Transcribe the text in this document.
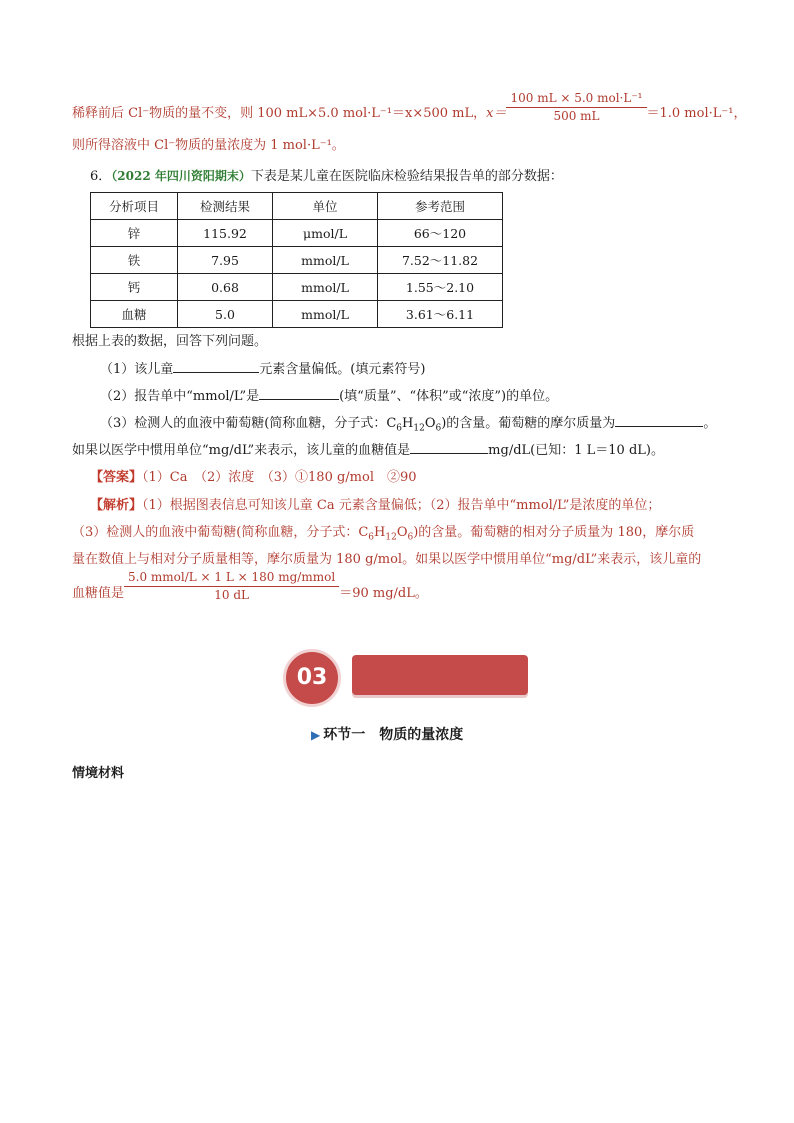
稀释前后 Cl⁻物质的量不变，则 100 mL×5.0 mol·L⁻¹＝x×500 mL，$x= \frac{\text{100 mL × 5.0 mol·L⁻¹}}{500 mL} =1.0$ mol·L⁻¹，
则所得溶液中 Cl⁻物质的量浓度为 1 mol·L⁻¹。
6．（2022 年四川资阳期末）下表是某儿童在医院临床检验结果报告单的部分数据：
分析项目	检测结果	单位	参考范围
锌	115.92	μmol/L	66～120
铁	7.95	mmol/L	7.52～11.82
钙	0.68	mmol/L	1.55～2.10
血糖	5.0	mmol/L	3.61～6.11
根据上表的数据，回答下列问题。
（1）该儿童	元素含量偏低。(填元素符号)
（2）报告单中“mmol/L”是	(填“质量”、“体积”或“浓度”)的单位。
（3）检测人的血液中葡萄糖(简称血糖，分子式：$C_6H_{12}O_6$)的含量。葡萄糖的摩尔质量为	。
如果以医学中惯用单位“mg/dL”来表示，该儿童的血糖值是	mg/dL(已知：1 L＝10 dL)。
【答案】（1）Ca　（2）浓度　（3）①180 g/mol　②90
【解析】（1）根据图表信息可知该儿童 Ca 元素含量偏低；（2）报告单中“mmol/L”是浓度的单位；
（3）检测人的血液中葡萄糖(简称血糖，分子式：$C_6H_{12}O_6$)的含量。葡萄糖的相对分子质量为 180，摩尔质
量在数值上与相对分子质量相等，摩尔质量为 180 g/mol。如果以医学中惯用单位“mg/dL”来表示，该儿童的
血糖值是 $\frac{\text{5.0 mmol/L × 1 L × 180 mg/mmol}}{10 dL} =90$ mg/dL。
03
▶ 环节一　物质的量浓度
情境材料
